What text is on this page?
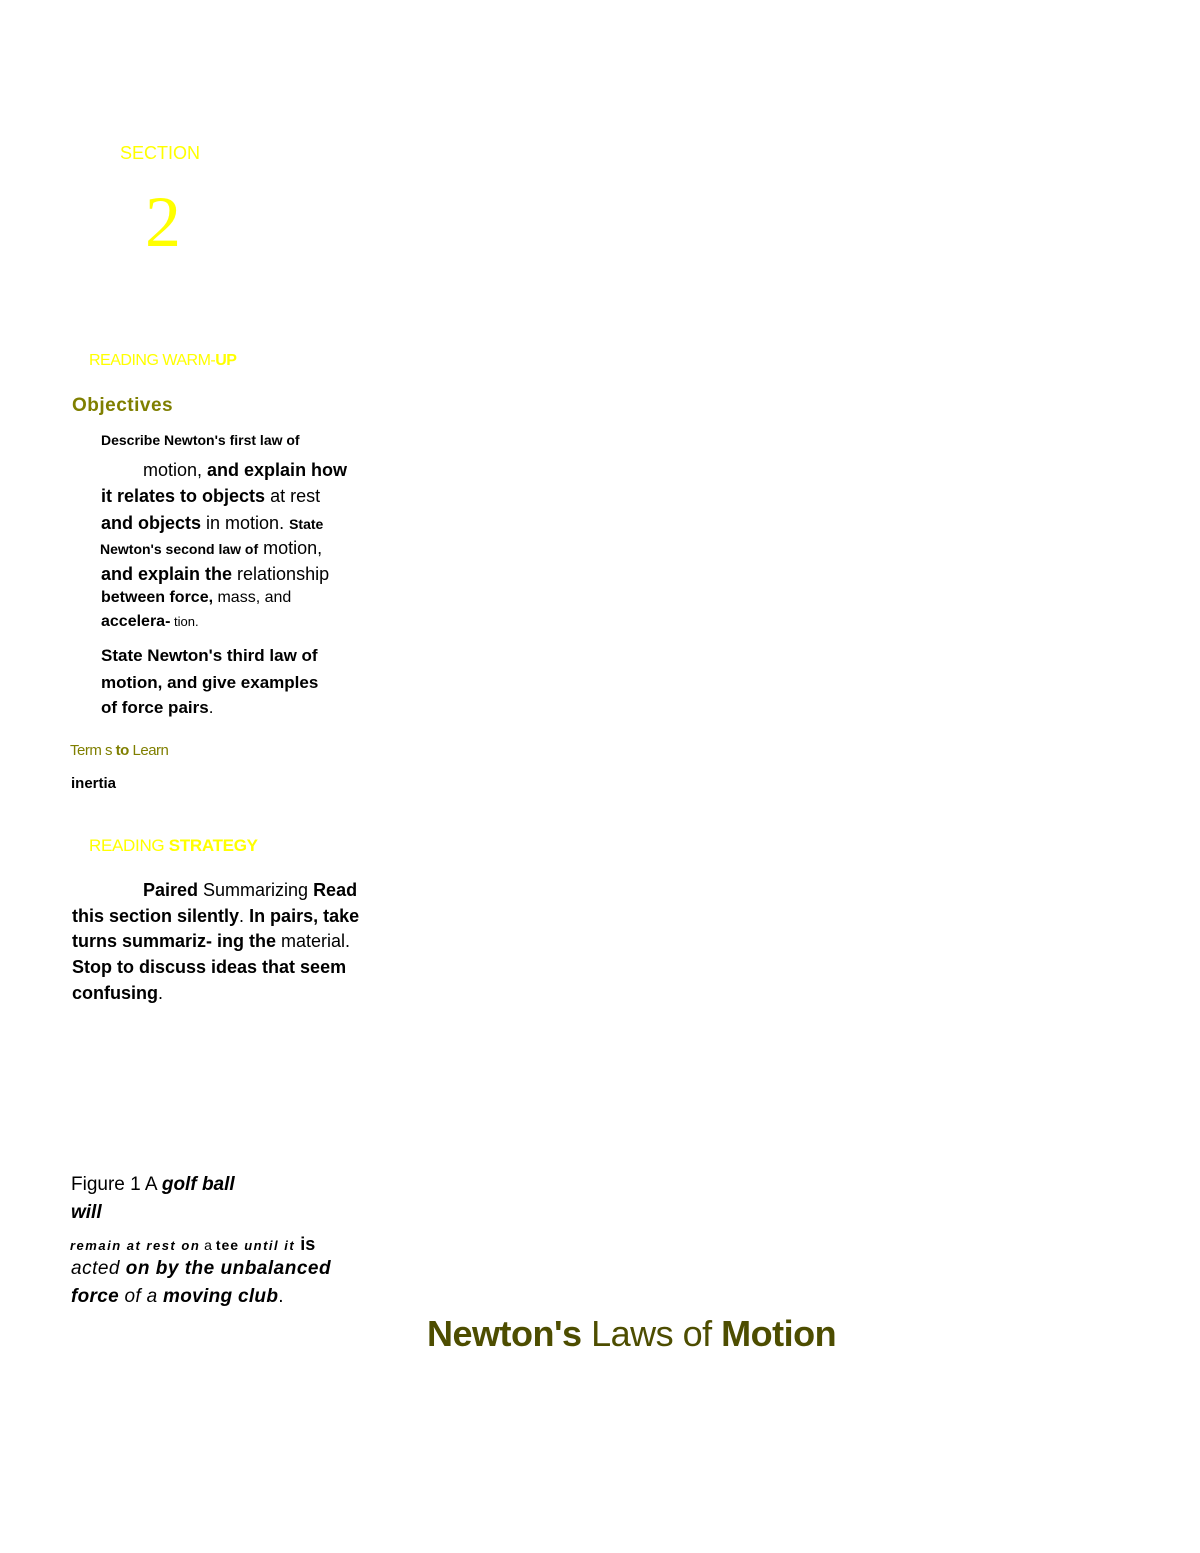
SECTION
2
READING WARM-UP
Objectives
Describe Newton's first law of
motion, and explain how
it relates to objects at rest
and objects in motion. State
Newton's second law of motion,
and explain the relationship
between force, mass, and
accelera- tion.
State Newton's third law of
motion, and give examples
of force pairs.
Term s to Learn
inertia
READING STRATEGY
Paired Summarizing Read
this section silently. In pairs, take
turns summariz- ing the material.
Stop to discuss ideas that seem
confusing.
Figure 1 A golf ball
will
remain at rest on a tee until it is
acted on by the unbalanced
force of a moving club.
Newton's Laws of Motion
